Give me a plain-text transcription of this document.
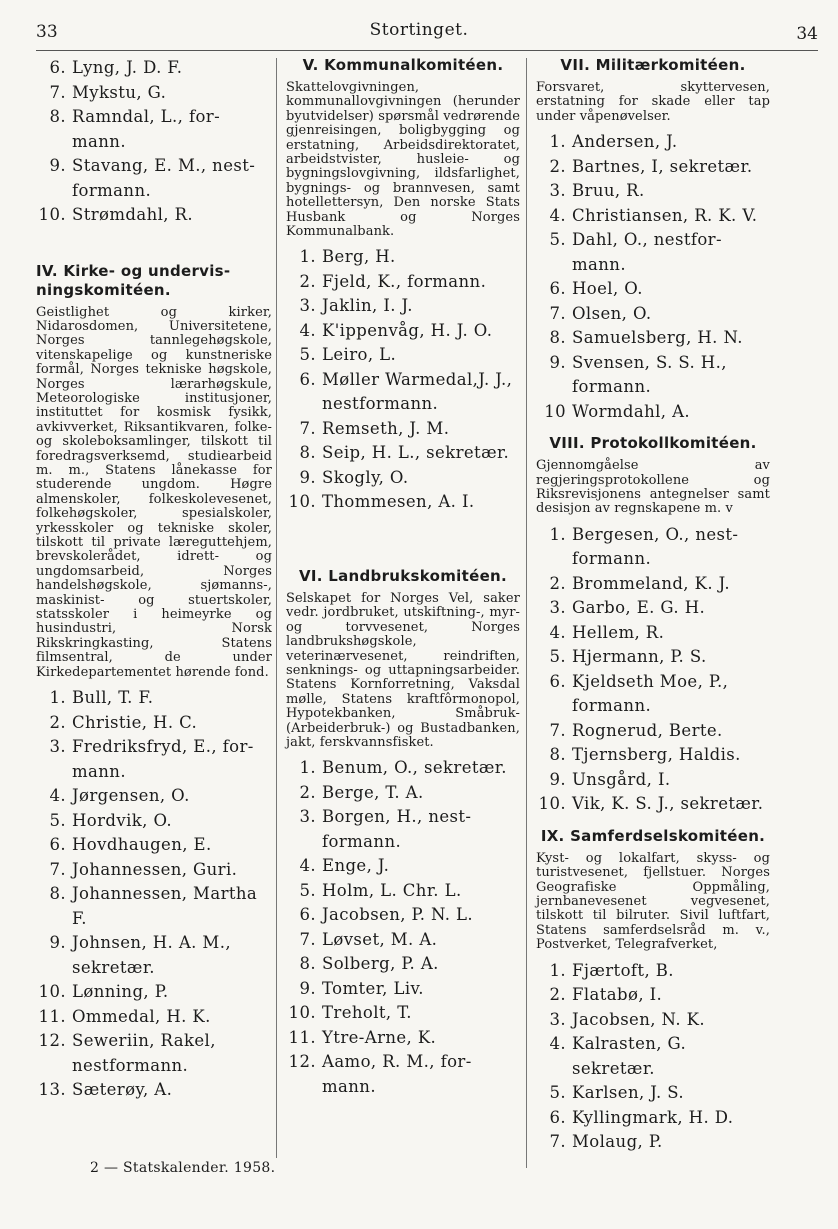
33	Stortinget.	34
6. Lyng, J. D. F.
7. Mykstu, G.
8. Ramndal, L., for-mann.
9. Stavang, E. M., nest-formann.
10. Strømdahl, R.
IV. Kirke- og undervis-ningskomitéen.
Geistlighet og kirker, Nidarosdomen, Universitetene, Norges tannlegehøgskole, vitenskapelige og kunstneriske formål, Norges tekniske høgskole, Norges lærarhøgskule, Meteorologiske institusjoner, instituttet for kosmisk fysikk, avkivverket, Riksantikvaren, folke- og skoleboksamlinger, tilskott til foredragsverksemd, studiearbeid m. m., Statens lånekasse for studerende ungdom. Høgre almenskoler, folkeskolevesenet, folkehøgskoler, spesialskoler, yrkesskoler og tekniske skoler, tilskott til private læreguttehjem, brevskolerådet, idrett- og ungdomsarbeid, Norges handelshøgskole, sjømanns-, maskinist- og stuertskoler, statsskoler i heimeyrke og husindustri, Norsk Rikskringkasting, Statens filmsentral, de under Kirkedepartementet hørende fond.
1. Bull, T. F.
2. Christie, H. C.
3. Fredriksfryd, E., for-mann.
4. Jørgensen, O.
5. Hordvik, O.
6. Hovdhaugen, E.
7. Johannessen, Guri.
8. Johannessen, Martha F.
9. Johnsen, H. A. M., sekretær.
10. Lønning, P.
11. Ommedal, H. K.
12. Seweriin, Rakel, nestformann.
13. Sæterøy, A.
V. Kommunalkomitéen.
Skattelovgivningen, kommunallovgivningen (herunder byutvidelser) spørsmål vedrørende gjenreisingen, boligbygging og erstatning, Arbeidsdirektoratet, arbeidstvister, husleie- og bygningslovgivning, ildsfarlighet, bygnings- og brannvesen, samt hotellettersyn, Den norske Stats Husbank og Norges Kommunalbank.
1. Berg, H.
2. Fjeld, K., formann.
3. Jaklin, I. J.
4. K'ippenvåg, H. J. O.
5. Leiro, L.
6. Møller Warmedal,J. J., nestformann.
7. Remseth, J. M.
8. Seip, H. L., sekretær.
9. Skogly, O.
10. Thommesen, A. I.
VI. Landbrukskomitéen.
Selskapet for Norges Vel, saker vedr. jordbruket, utskiftning-, myr- og torvvesenet, Norges landbrukshøgskole, veterinærvesenet, reindriften, senknings- og uttapningsarbeider. Statens Kornforretning, Vaksdal mølle, Statens kraftfôrmonopol, Hypotekbanken, Småbruk- (Arbeiderbruk-) og Bustadbanken, jakt, ferskvannsfisket.
1. Benum, O., sekretær.
2. Berge, T. A.
3. Borgen, H., nest-formann.
4. Enge, J.
5. Holm, L. Chr. L.
6. Jacobsen, P. N. L.
7. Løvset, M. A.
8. Solberg, P. A.
9. Tomter, Liv.
10. Treholt, T.
11. Ytre-Arne, K.
12. Aamo, R. M., for-mann.
VII. Militærkomitéen.
Forsvaret, skyttervesen, erstatning for skade eller tap under våpenøvelser.
1. Andersen, J.
2. Bartnes, I, sekretær.
3. Bruu, R.
4. Christiansen, R. K. V.
5. Dahl, O., nestfor-mann.
6. Hoel, O.
7. Olsen, O.
8. Samuelsberg, H. N.
9. Svensen, S. S. H., formann.
10 Wormdahl, A.
VIII. Protokollkomitéen.
Gjennomgåelse av regjeringsprotokollene og Riksrevisjonens antegnelser samt desisjon av regnskapene m. v
1. Bergesen, O., nest-formann.
2. Brommeland, K. J.
3. Garbo, E. G. H.
4. Hellem, R.
5. Hjermann, P. S.
6. Kjeldseth Moe, P., formann.
7. Rognerud, Berte.
8. Tjernsberg, Haldis.
9. Unsgård, I.
10. Vik, K. S. J., sekretær.
IX. Samferdselskomitéen.
Kyst- og lokalfart, skyss- og turistvesenet, fjellstuer. Norges Geografiske Oppmåling, jernbanevesenet vegvesenet, tilskott til bilruter. Sivil luftfart, Statens samferdselsråd m. v., Postverket, Telegrafverket,
1. Fjærtoft, B.
2. Flatabø, I.
3. Jacobsen, N. K.
4. Kalrasten, G. sekretær.
5. Karlsen, J. S.
6. Kyllingmark, H. D.
7. Molaug, P.
2 — Statskalender. 1958.
